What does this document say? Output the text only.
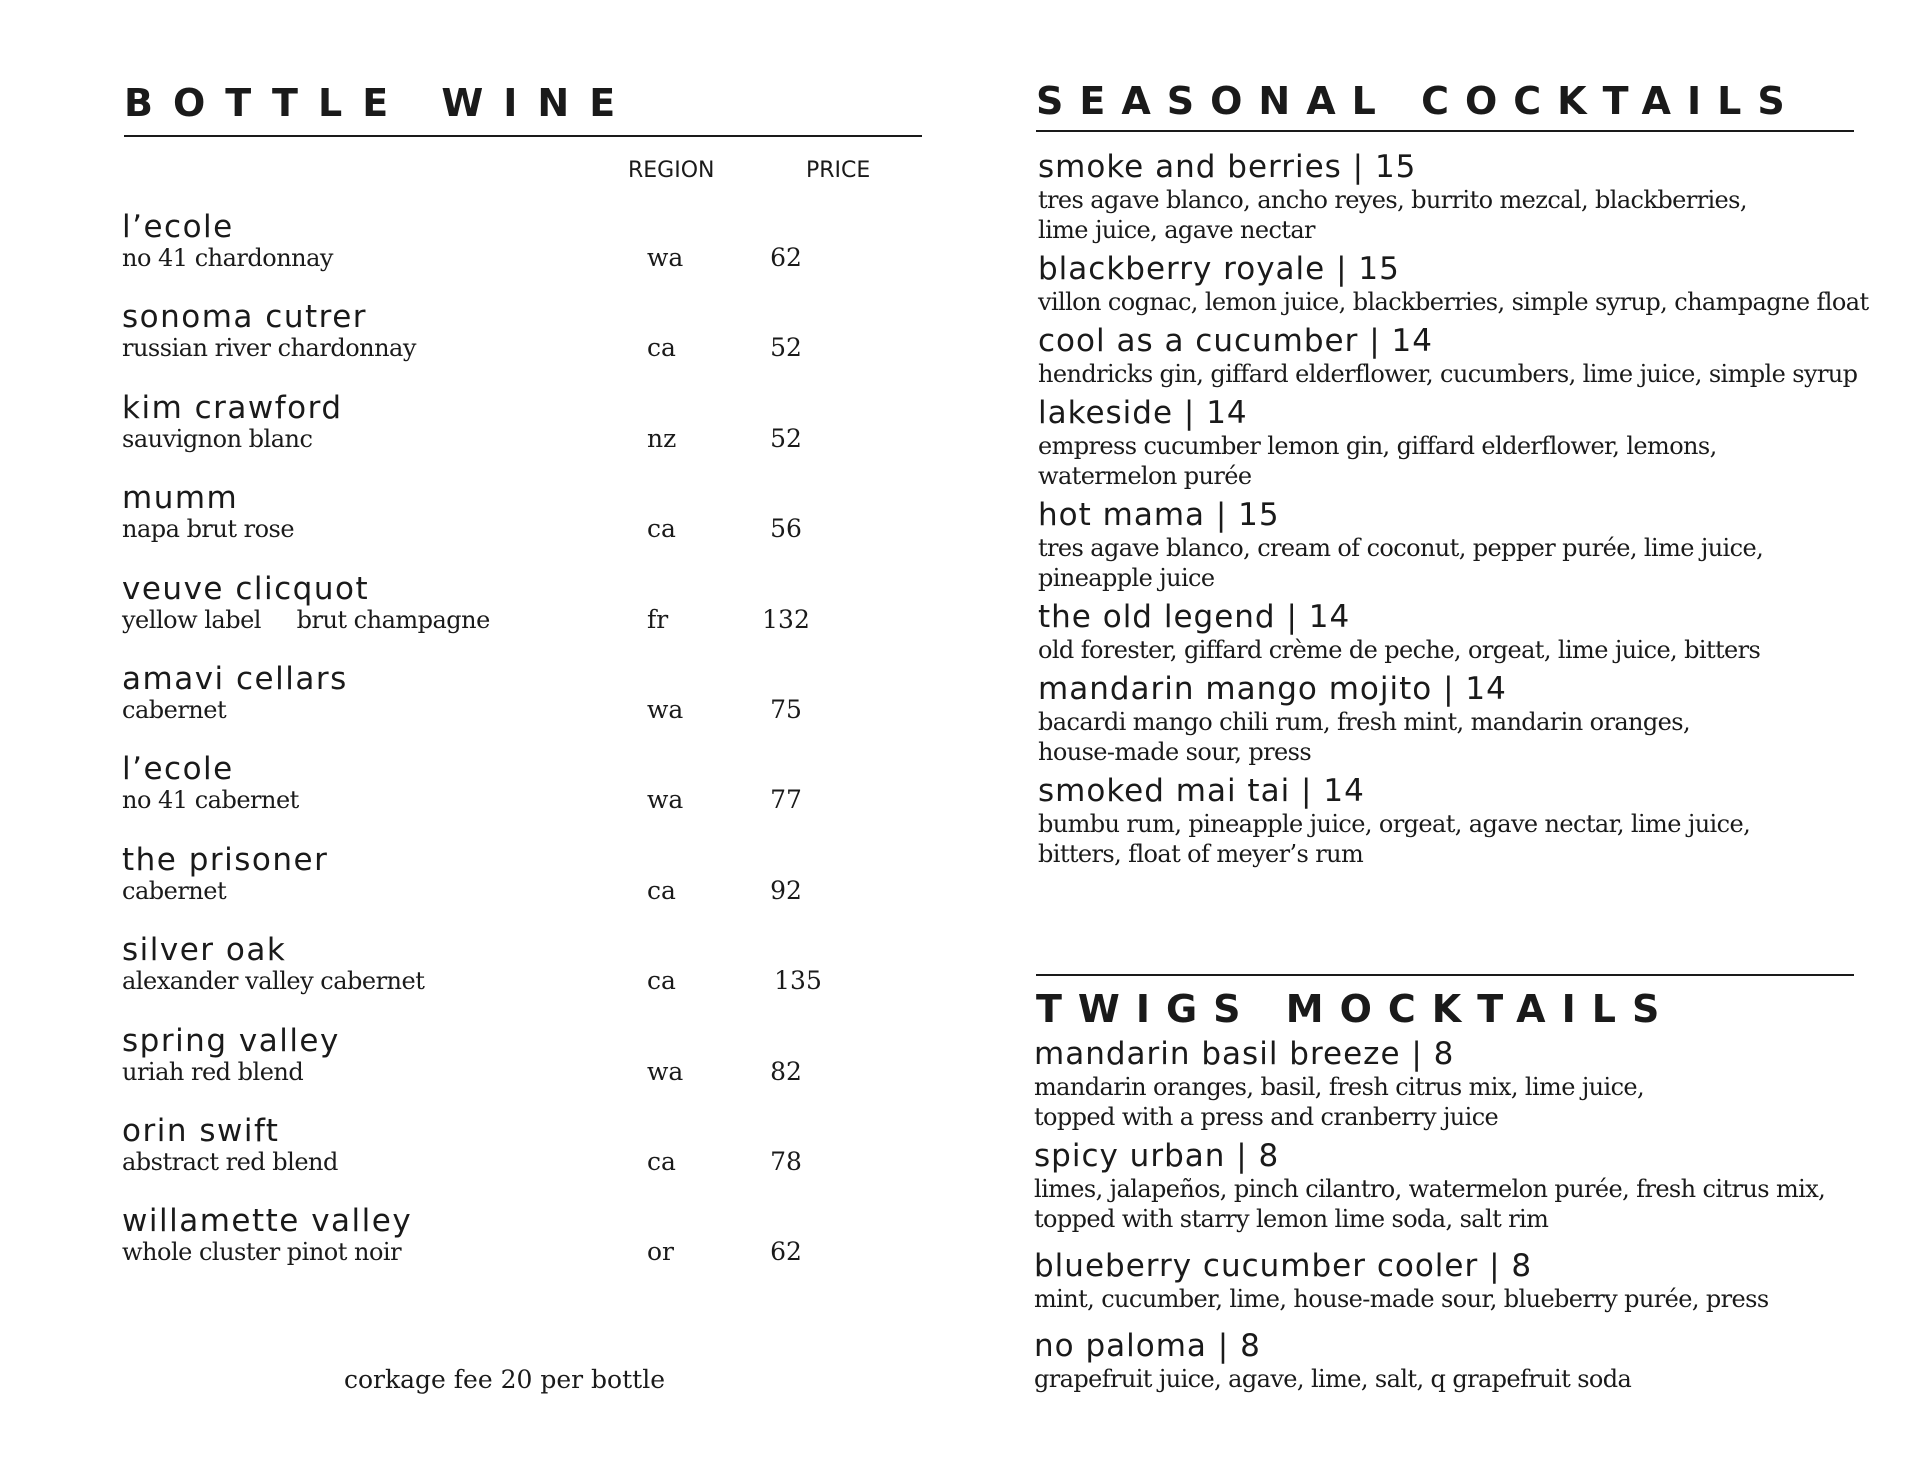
BOTTLE WINE
REGION	PRICE
l’ecole
no 41 chardonnay	wa	62
sonoma cutrer
russian river chardonnay	ca	52
kim crawford
sauvignon blanc	nz	52
mumm
napa brut rose	ca	56
veuve clicquot
yellow label     brut champagne	fr	132
amavi cellars
cabernet	wa	75
l’ecole
no 41 cabernet	wa	77
the prisoner
cabernet	ca	92
silver oak
alexander valley cabernet	ca	135
spring valley
uriah red blend	wa	82
orin swift
abstract red blend	ca	78
willamette valley
whole cluster pinot noir	or	62
corkage fee 20 per bottle
SEASONAL COCKTAILS
smoke and berries | 15
tres agave blanco, ancho reyes, burrito mezcal, blackberries,
lime juice, agave nectar
blackberry royale | 15
villon cognac, lemon juice, blackberries, simple syrup, champagne float
cool as a cucumber | 14
hendricks gin, giffard elderflower, cucumbers, lime juice, simple syrup
lakeside | 14
empress cucumber lemon gin, giffard elderflower, lemons,
watermelon purée
hot mama | 15
tres agave blanco, cream of coconut, pepper purée, lime juice,
pineapple juice
the old legend | 14
old forester, giffard crème de peche, orgeat, lime juice, bitters
mandarin mango mojito | 14
bacardi mango chili rum, fresh mint, mandarin oranges,
house-made sour, press
smoked mai tai | 14
bumbu rum, pineapple juice, orgeat, agave nectar, lime juice,
bitters, float of meyer’s rum
TWIGS MOCKTAILS
mandarin basil breeze | 8
mandarin oranges, basil, fresh citrus mix, lime juice,
topped with a press and cranberry juice
spicy urban | 8
limes, jalapeños, pinch cilantro, watermelon purée, fresh citrus mix,
topped with starry lemon lime soda, salt rim
blueberry cucumber cooler | 8
mint, cucumber, lime, house-made sour, blueberry purée, press
no paloma | 8
grapefruit juice, agave, lime, salt, q grapefruit soda
